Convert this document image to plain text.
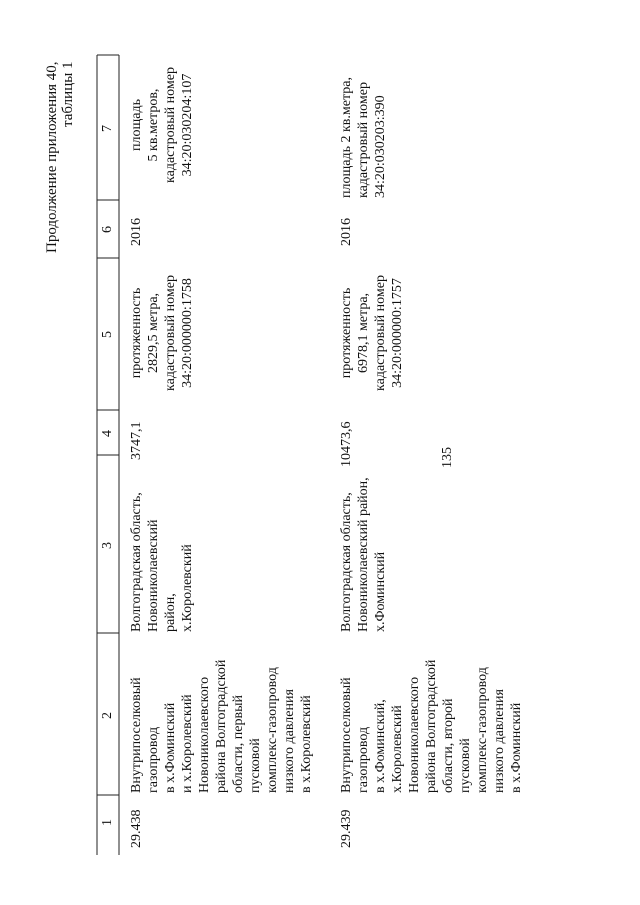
135
Продолжение приложения 40, таблицы 1
1
2
3
4
5
6
7
29.438
Внутрипоселковый газопровод в х.Фоминский и х.Королевский Новониколаевского района Волгоградской области, первый пусковой комплекс-газопровод низкого давления в х.Королевский
Волгоградская область, Новониколаевский район, х.Королевский
3747,1
протяженность 2829,5 метра, кадастровый номер 34:20:000000:1758
2016
площадь 5 кв.метров, кадастровый номер 34:20:030204:107
29.439
Внутрипоселковый газопровод в х.Фоминский, х.Королевский Новониколаевского района Волгоградской области, второй пусковой комплекс-газопровод низкого давления в х.Фоминский
Волгоградская область, Новониколаевский район, х.Фоминский
10473,6
протяженность 6978,1 метра, кадастровый номер 34:20:000000:1757
2016
площадь 2 кв.метра, кадастровый номер 34:20:030203:390
